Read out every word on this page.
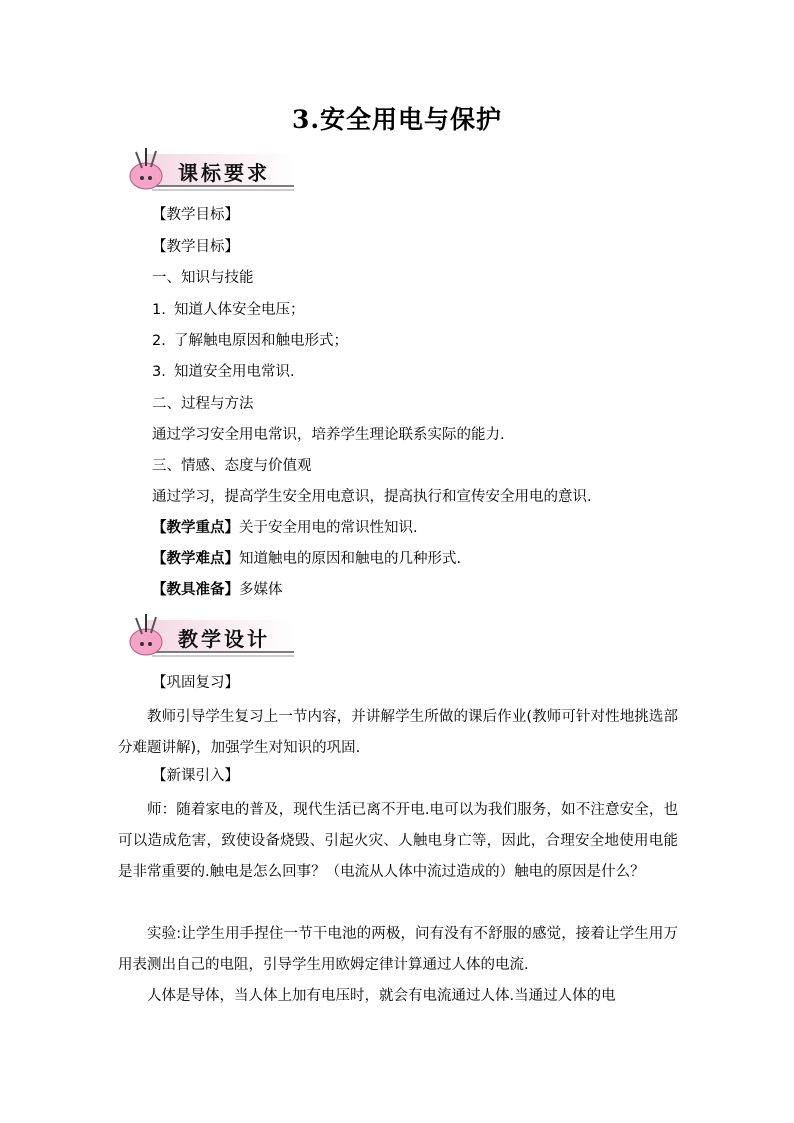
3.安全用电与保护
课标要求
【教学目标】
【教学目标】
一、知识与技能
1. 知道人体安全电压；
2. 了解触电原因和触电形式；
3. 知道安全用电常识.
二、过程与方法
通过学习安全用电常识，培养学生理论联系实际的能力.
三、情感、态度与价值观
通过学习，提高学生安全用电意识，提高执行和宣传安全用电的意识.
【教学重点】关于安全用电的常识性知识.
【教学难点】知道触电的原因和触电的几种形式.
【教具准备】多媒体
教学设计
【巩固复习】
教师引导学生复习上一节内容，并讲解学生所做的课后作业(教师可针对性地挑选部分难题讲解)，加强学生对知识的巩固.
【新课引入】
师：随着家电的普及，现代生活已离不开电.电可以为我们服务，如不注意安全，也可以造成危害，致使设备烧毁、引起火灾、人触电身亡等，因此，合理安全地使用电能是非常重要的.触电是怎么回事？（电流从人体中流过造成的）触电的原因是什么？
实验:让学生用手捏住一节干电池的两极，问有没有不舒服的感觉，接着让学生用万用表测出自己的电阻，引导学生用欧姆定律计算通过人体的电流.
人体是导体，当人体上加有电压时，就会有电流通过人体.当通过人体的电
